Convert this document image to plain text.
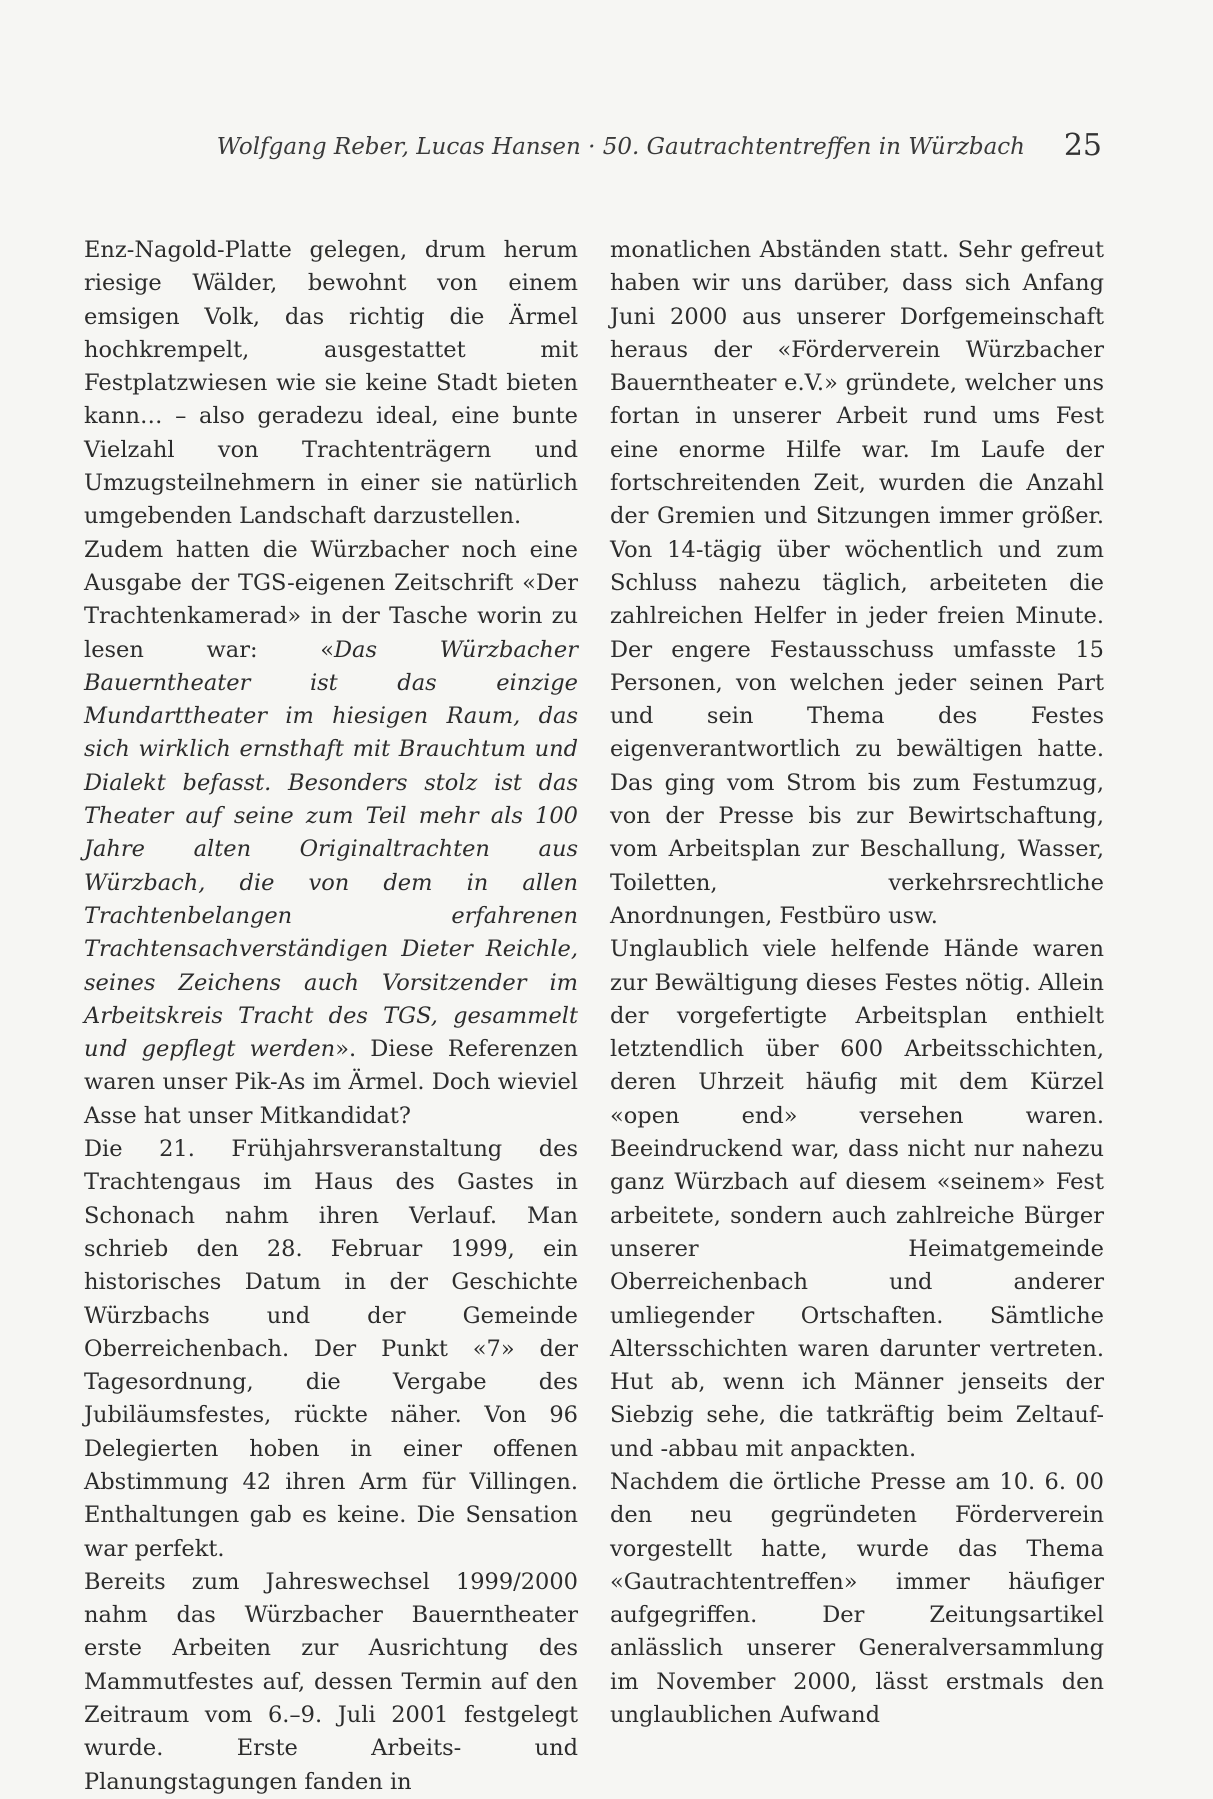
Wolfgang Reber, Lucas Hansen · 50. Gautrachtentreffen in Würzbach 25

Enz-Nagold-Platte gelegen, drum herum riesige Wälder, bewohnt von einem emsigen Volk, das richtig die Ärmel hochkrempelt, ausgestattet mit Festplatzwiesen wie sie keine Stadt bieten kann… – also geradezu ideal, eine bunte Vielzahl von Trachtenträgern und Umzugsteilnehmern in einer sie natürlich umgebenden Landschaft darzustellen.

Zudem hatten die Würzbacher noch eine Ausgabe der TGS-eigenen Zeitschrift «Der Trachtenkamerad» in der Tasche worin zu lesen war: «Das Würzbacher Bauerntheater ist das einzige Mundarttheater im hiesigen Raum, das sich wirklich ernsthaft mit Brauchtum und Dialekt befasst. Besonders stolz ist das Theater auf seine zum Teil mehr als 100 Jahre alten Originaltrachten aus Würzbach, die von dem in allen Trachtenbelangen erfahrenen Trachtensachverständigen Dieter Reichle, seines Zeichens auch Vorsitzender im Arbeitskreis Tracht des TGS, gesammelt und gepflegt werden». Diese Referenzen waren unser Pik-As im Ärmel. Doch wieviel Asse hat unser Mitkandidat?

Die 21. Frühjahrsveranstaltung des Trachtengaus im Haus des Gastes in Schonach nahm ihren Verlauf. Man schrieb den 28. Februar 1999, ein historisches Datum in der Geschichte Würzbachs und der Gemeinde Oberreichenbach. Der Punkt «7» der Tagesordnung, die Vergabe des Jubiläumsfestes, rückte näher. Von 96 Delegierten hoben in einer offenen Abstimmung 42 ihren Arm für Villingen. Enthaltungen gab es keine. Die Sensation war perfekt.

Bereits zum Jahreswechsel 1999/2000 nahm das Würzbacher Bauerntheater erste Arbeiten zur Ausrichtung des Mammutfestes auf, dessen Termin auf den Zeitraum vom 6.–9. Juli 2001 festgelegt wurde. Erste Arbeits- und Planungstagungen fanden in

monatlichen Abständen statt. Sehr gefreut haben wir uns darüber, dass sich Anfang Juni 2000 aus unserer Dorfgemeinschaft heraus der «Förderverein Würzbacher Bauerntheater e.V.» gründete, welcher uns fortan in unserer Arbeit rund ums Fest eine enorme Hilfe war. Im Laufe der fortschreitenden Zeit, wurden die Anzahl der Gremien und Sitzungen immer größer. Von 14-tägig über wöchentlich und zum Schluss nahezu täglich, arbeiteten die zahlreichen Helfer in jeder freien Minute. Der engere Festausschuss umfasste 15 Personen, von welchen jeder seinen Part und sein Thema des Festes eigenverantwortlich zu bewältigen hatte. Das ging vom Strom bis zum Festumzug, von der Presse bis zur Bewirtschaftung, vom Arbeitsplan zur Beschallung, Wasser, Toiletten, verkehrsrechtliche Anordnungen, Festbüro usw.

Unglaublich viele helfende Hände waren zur Bewältigung dieses Festes nötig. Allein der vorgefertigte Arbeitsplan enthielt letztendlich über 600 Arbeitsschichten, deren Uhrzeit häufig mit dem Kürzel «open end» versehen waren. Beeindruckend war, dass nicht nur nahezu ganz Würzbach auf diesem «seinem» Fest arbeitete, sondern auch zahlreiche Bürger unserer Heimatgemeinde Oberreichenbach und anderer umliegender Ortschaften. Sämtliche Altersschichten waren darunter vertreten. Hut ab, wenn ich Männer jenseits der Siebzig sehe, die tatkräftig beim Zeltauf- und -abbau mit anpackten.

Nachdem die örtliche Presse am 10. 6. 00 den neu gegründeten Förderverein vorgestellt hatte, wurde das Thema «Gautrachtentreffen» immer häufiger aufgegriffen. Der Zeitungsartikel anlässlich unserer Generalversammlung im November 2000, lässt erstmals den unglaublichen Aufwand
